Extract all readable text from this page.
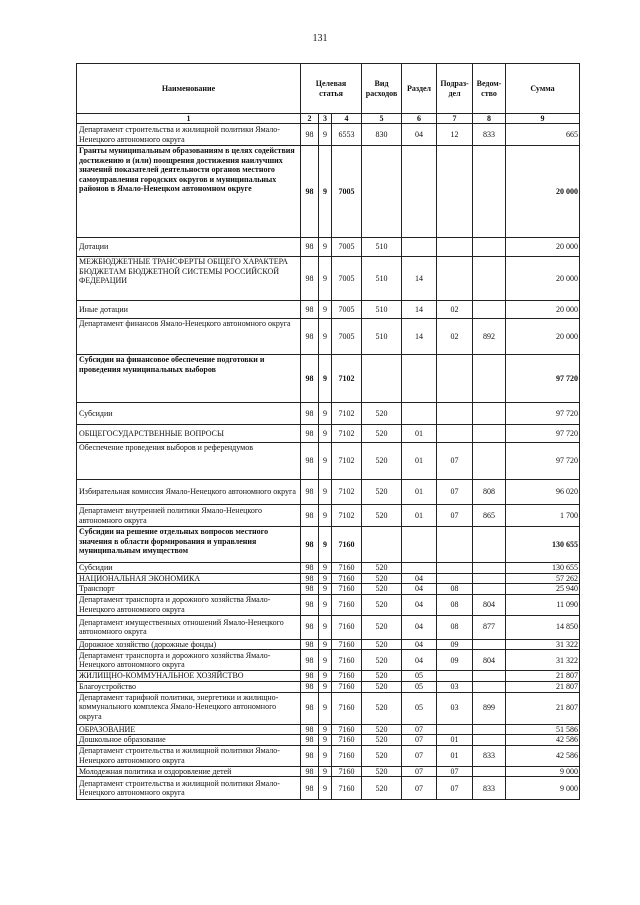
131
Наименование	Целевая статья			Вид расходов	Раздел	Подраз-дел	Ведом-ство	Сумма
1	2	3	4	5	6	7	8	9
Департамент строительства и жилищной политики Ямало-Ненецкого автономного округа	98	9	6553	830	04	12	833	665
Гранты муниципальным образованиям в целях содействия достижению и (или) поощрения достижения наилучших значений показателей деятельности органов местного самоуправления городских округов и муниципальных районов в Ямало-Ненецком автономном округе	98	9	7005					20 000
Дотации	98	9	7005	510				20 000
МЕЖБЮДЖЕТНЫЕ ТРАНСФЕРТЫ ОБЩЕГО ХАРАКТЕРА БЮДЖЕТАМ БЮДЖЕТНОЙ СИСТЕМЫ РОССИЙСКОЙ ФЕДЕРАЦИИ	98	9	7005	510	14			20 000
Иные дотации	98	9	7005	510	14	02		20 000
Департамент финансов Ямало-Ненецкого автономного округа	98	9	7005	510	14	02	892	20 000
Субсидии на финансовое обеспечение подготовки и проведения муниципальных выборов	98	9	7102					97 720
Субсидии	98	9	7102	520				97 720
ОБЩЕГОСУДАРСТВЕННЫЕ ВОПРОСЫ	98	9	7102	520	01			97 720
Обеспечение проведения выборов и референдумов	98	9	7102	520	01	07		97 720
Избирательная комиссия Ямало-Ненецкого автономного округа	98	9	7102	520	01	07	808	96 020
Департамент внутренней политики Ямало-Ненецкого автономного округа	98	9	7102	520	01	07	865	1 700
Субсидии на решение отдельных вопросов местного значения в области формирования и управления муниципальным имуществом	98	9	7160					130 655
Субсидии	98	9	7160	520				130 655
НАЦИОНАЛЬНАЯ ЭКОНОМИКА	98	9	7160	520	04			57 262
Транспорт	98	9	7160	520	04	08		25 940
Департамент транспорта и дорожного хозяйства Ямало-Ненецкого автономного округа	98	9	7160	520	04	08	804	11 090
Департамент имущественных отношений Ямало-Ненецкого автономного округа	98	9	7160	520	04	08	877	14 850
Дорожное хозяйство (дорожные фонды)	98	9	7160	520	04	09		31 322
Департамент транспорта и дорожного хозяйства Ямало-Ненецкого автономного округа	98	9	7160	520	04	09	804	31 322
ЖИЛИЩНО-КОММУНАЛЬНОЕ ХОЗЯЙСТВО	98	9	7160	520	05			21 807
Благоустройство	98	9	7160	520	05	03		21 807
Департамент тарифной политики, энергетики и жилищно-коммунального комплекса Ямало-Ненецкого автономного округа	98	9	7160	520	05	03	899	21 807
ОБРАЗОВАНИЕ	98	9	7160	520	07			51 586
Дошкольное образование	98	9	7160	520	07	01		42 586
Департамент строительства и жилищной политики Ямало-Ненецкого автономного округа	98	9	7160	520	07	01	833	42 586
Молодежная политика и оздоровление детей	98	9	7160	520	07	07		9 000
Департамент строительства и жилищной политики Ямало-Ненецкого автономного округа	98	9	7160	520	07	07	833	9 000
